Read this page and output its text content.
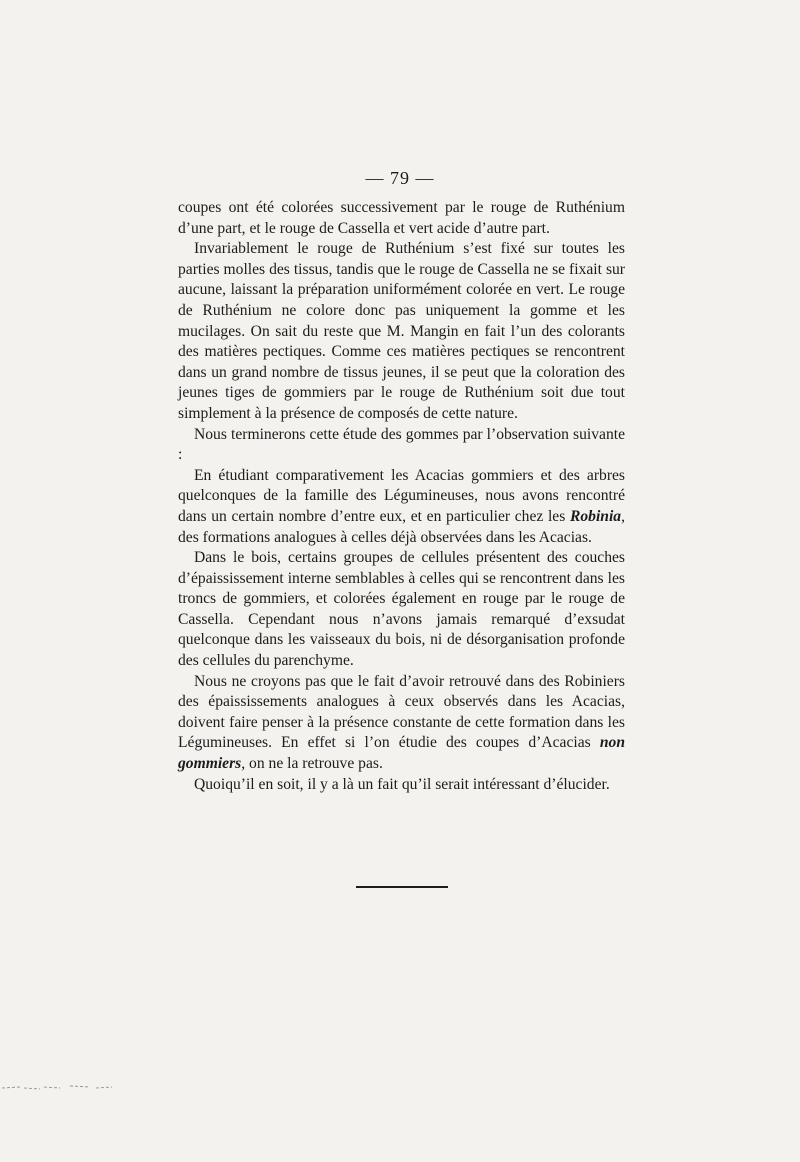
— 79 —

coupes ont été colorées successivement par le rouge de Ruthénium d’une part, et le rouge de Cassella et vert acide d’autre part.

Invariablement le rouge de Ruthénium s’est fixé sur toutes les parties molles des tissus, tandis que le rouge de Cassella ne se fixait sur aucune, laissant la préparation uniformément colorée en vert. Le rouge de Ruthénium ne colore donc pas uniquement la gomme et les mucilages. On sait du reste que M. Mangin en fait l’un des colorants des matières pectiques. Comme ces matières pectiques se rencontrent dans un grand nombre de tissus jeunes, il se peut que la coloration des jeunes tiges de gommiers par le rouge de Ruthénium soit due tout simplement à la présence de composés de cette nature.

Nous terminerons cette étude des gommes par l’observation suivante :

En étudiant comparativement les Acacias gommiers et des arbres quelconques de la famille des Légumineuses, nous avons rencontré dans un certain nombre d’entre eux, et en particulier chez les Robinia, des formations analogues à celles déjà observées dans les Acacias.

Dans le bois, certains groupes de cellules présentent des couches d’épaississement interne semblables à celles qui se rencontrent dans les troncs de gommiers, et colorées également en rouge par le rouge de Cassella. Cependant nous n’avons jamais remarqué d’exsudat quelconque dans les vaisseaux du bois, ni de désorganisation profonde des cellules du parenchyme.

Nous ne croyons pas que le fait d’avoir retrouvé dans des Robiniers des épaississements analogues à ceux observés dans les Acacias, doivent faire penser à la présence constante de cette formation dans les Légumineuses. En effet si l’on étudie des coupes d’Acacias non gommiers, on ne la retrouve pas.

Quoiqu’il en soit, il y a là un fait qu’il serait intéressant d’élucider.
